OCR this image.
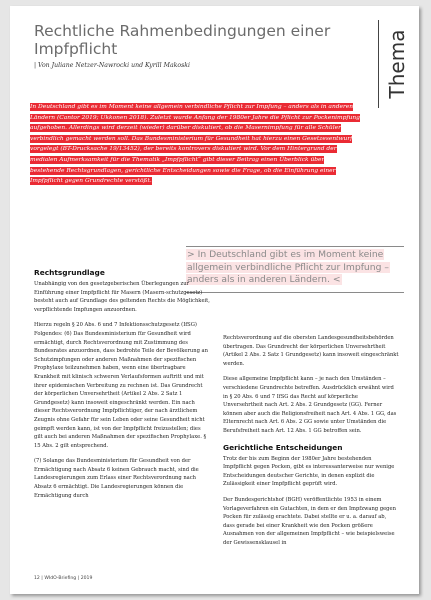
Rechtliche Rahmenbedingungen einer Impfpflicht

| Von Juliane Netzer-Nawrocki und Kyrill Makoski	Thema

In Deutschland gibt es im Moment keine allgemein verbindliche Pflicht zur Impfung – anders als in anderen Ländern (Cantor 2019; Ukkonen 2018). Zuletzt wurde Anfang der 1980er Jahre die Pflicht zur Pockenimpfung aufgehoben. Allerdings wird derzeit (wieder) darüber diskutiert, ob die Masernimpfung für alle Schüler verbindlich gemacht werden soll. Das Bundesministerium für Gesundheit hat hierzu einen Gesetzesentwurf vorgelegt (BT-Drucksache 19/13452), der bereits kontrovers diskutiert wird. Vor dem Hintergrund der medialen Aufmerksamkeit für die Thematik „Impfpflicht“ gibt dieser Beitrag einen Überblick über bestehende Rechtsgrundlagen, gerichtliche Entscheidungen sowie die Frage, ob die Einführung einer Impfpflicht gegen Grundrechte verstößt.

> In Deutschland gibt es im Moment keine allgemein verbindliche Pflicht zur Impfung – anders als in anderen Ländern. <

Rechtsgrundlage

Unabhängig von den gesetzgeberischen Überlegungen zur Einführung einer Impfpflicht für Masern (Masern-schutzgesetz) besteht auch auf Grundlage des geltenden Rechts die Möglichkeit, verpflichtende Impfungen anzuordnen.

Hierzu regeln § 20 Abs. 6 und 7 Infektionsschutzgesetz (IfSG) Folgendes: (6) Das Bundesministerium für Gesundheit wird ermächtigt, durch Rechtsverordnung mit Zustimmung des Bundesrates anzuordnen, dass bedrohte Teile der Bevölkerung an Schutzimpfungen oder anderen Maßnahmen der spezifischen Prophylaxe teilzunehmen haben, wenn eine übertragbare Krankheit mit klinisch schweren Verlaufsformen auftritt und mit ihrer epidemischen Verbreitung zu rechnen ist. Das Grundrecht der körperlichen Unversehrtheit (Artikel 2 Abs. 2 Satz 1 Grundgesetz) kann insoweit eingeschränkt werden. Ein nach dieser Rechtsverordnung Impfpflichtiger, der nach ärztlichem Zeugnis ohne Gefahr für sein Leben oder seine Gesundheit nicht geimpft werden kann, ist von der Impfpflicht freizustellen; dies gilt auch bei anderen Maßnahmen der spezifischen Prophylaxe. § 15 Abs. 2 gilt entsprechend.

(7) Solange das Bundesministerium für Gesundheit von der Ermächtigung nach Absatz 6 keinen Gebrauch macht, sind die Landesregierungen zum Erlass einer Rechtsverordnung nach Absatz 6 ermächtigt. Die Landesregierungen können die Ermächtigung durch

Rechtsverordnung auf die obersten Landesgesundheitsbehörden übertragen. Das Grundrecht der körperlichen Unversehrtheit (Artikel 2 Abs. 2 Satz 1 Grundgesetz) kann insoweit eingeschränkt werden.

Diese allgemeine Impfpflicht kann – je nach den Umständen – verschiedene Grundrechte betreffen. Ausdrücklich erwähnt wird in § 20 Abs. 6 und 7 IfSG das Recht auf körperliche Unversehrtheit nach Art. 2 Abs. 2 Grundgesetz (GG). Ferner können aber auch die Religionsfreiheit nach Art. 4 Abs. 1 GG, das Elternrecht nach Art. 6 Abs. 2 GG sowie unter Umständen die Berufsfreiheit nach Art. 12 Abs. 1 GG betroffen sein.

Gerichtliche Entscheidungen

Trotz der bis zum Beginn der 1980er Jahre bestehenden Impfpflicht gegen Pocken, gibt es interessanterweise nur wenige Entscheidungen deutscher Gerichte, in denen explizit die Zulässigkeit einer Impfpflicht geprüft wird.

Der Bundesgerichtshof (BGH) veröffentlichte 1953 in einem Vorlageverfahren ein Gutachten, in dem er den Impfzwang gegen Pocken für zulässig erachtete. Dabei stellte er u. a. darauf ab, dass gerade bei einer Krankheit wie den Pocken größere Ausnahmen von der allgemeinen Impfpflicht – wie beispielsweise der Gewissensklausel in

12 | WIdO-Briefing | 2019
